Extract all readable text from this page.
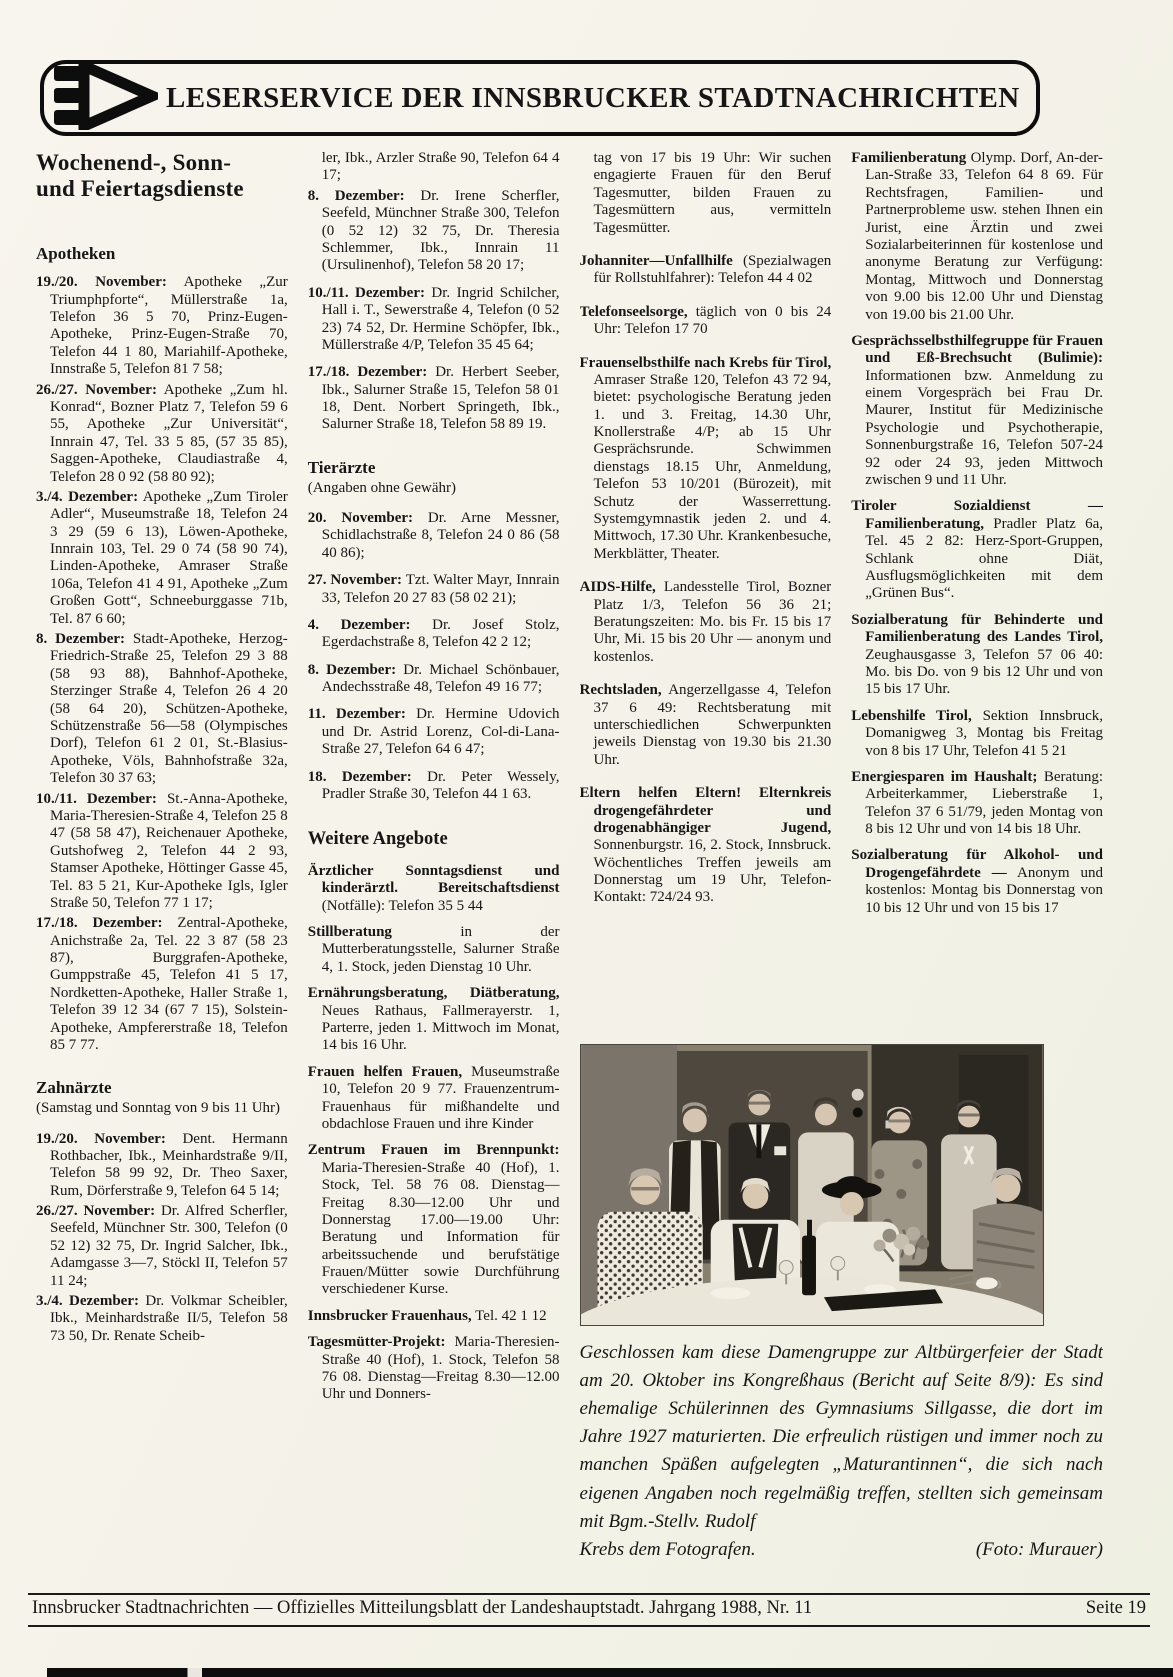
LESERSERVICE DER INNSBRUCKER STADTNACHRICHTEN
Wochenend-, Sonn-
und Feiertagsdienste
Apotheken

19./20. November: Apotheke „Zur Triumphpforte“, Müllerstraße 1a, Telefon 36 5 70, Prinz-Eugen-Apotheke, Prinz-Eugen-Straße 70, Telefon 44 1 80, Mariahilf-Apotheke, Innstraße 5, Telefon 81 7 58;

26./27. November: Apotheke „Zum hl. Konrad“, Bozner Platz 7, Telefon 59 6 55, Apotheke „Zur Universität“, Innrain 47, Tel. 33 5 85, (57 35 85), Saggen-Apotheke, Claudiastraße 4, Telefon 28 0 92 (58 80 92);

3./4. Dezember: Apotheke „Zum Tiroler Adler“, Museumstraße 18, Telefon 24 3 29 (59 6 13), Löwen-Apotheke, Innrain 103, Tel. 29 0 74 (58 90 74), Linden-Apotheke, Amraser Straße 106a, Telefon 41 4 91, Apotheke „Zum Großen Gott“, Schneeburggasse 71b, Tel. 87 6 60;

8. Dezember: Stadt-Apotheke, Herzog-Friedrich-Straße 25, Telefon 29 3 88 (58 93 88), Bahnhof-Apotheke, Sterzinger Straße 4, Telefon 26 4 20 (58 64 20), Schützen-Apotheke, Schützenstraße 56—58 (Olympisches Dorf), Telefon 61 2 01, St.-Blasius-Apotheke, Völs, Bahnhofstraße 32a, Telefon 30 37 63;

10./11. Dezember: St.-Anna-Apotheke, Maria-Theresien-Straße 4, Telefon 25 8 47 (58 58 47), Reichenauer Apotheke, Gutshofweg 2, Telefon 44 2 93, Stamser Apotheke, Höttinger Gasse 45, Tel. 83 5 21, Kur-Apotheke Igls, Igler Straße 50, Telefon 77 1 17;

17./18. Dezember: Zentral-Apotheke, Anichstraße 2a, Tel. 22 3 87 (58 23 87), Burggrafen-Apotheke, Gumppstraße 45, Telefon 41 5 17, Nordketten-Apotheke, Haller Straße 1, Telefon 39 12 34 (67 7 15), Solstein-Apotheke, Ampfererstraße 18, Telefon 85 7 77.

Zahnärzte

(Samstag und Sonntag von 9 bis 11 Uhr)

19./20. November: Dent. Hermann Rothbacher, Ibk., Meinhardstraße 9/II, Telefon 58 99 92, Dr. Theo Saxer, Rum, Dörferstraße 9, Telefon 64 5 14;

26./27. November: Dr. Alfred Scherfler, Seefeld, Münchner Str. 300, Telefon (0 52 12) 32 75, Dr. Ingrid Salcher, Ibk., Adamgasse 3—7, Stöckl II, Telefon 57 11 24;

3./4. Dezember: Dr. Volkmar Scheibler, Ibk., Meinhardstraße II/5, Telefon 58 73 50, Dr. Renate Scheib-

ler, Ibk., Arzler Straße 90, Telefon 64 4 17;

8. Dezember: Dr. Irene Scherfler, Seefeld, Münchner Straße 300, Telefon (0 52 12) 32 75, Dr. Theresia Schlemmer, Ibk., Innrain 11 (Ursulinenhof), Telefon 58 20 17;

10./11. Dezember: Dr. Ingrid Schilcher, Hall i. T., Sewerstraße 4, Telefon (0 52 23) 74 52, Dr. Hermine Schöpfer, Ibk., Müllerstraße 4/P, Telefon 35 45 64;

17./18. Dezember: Dr. Herbert Seeber, Ibk., Salurner Straße 15, Telefon 58 01 18, Dent. Norbert Springeth, Ibk., Salurner Straße 18, Telefon 58 89 19.

Tierärzte

(Angaben ohne Gewähr)

20. November: Dr. Arne Messner, Schidlachstraße 8, Telefon 24 0 86 (58 40 86);

27. November: Tzt. Walter Mayr, Innrain 33, Telefon 20 27 83 (58 02 21);

4. Dezember: Dr. Josef Stolz, Egerdachstraße 8, Telefon 42 2 12;

8. Dezember: Dr. Michael Schönbauer, Andechsstraße 48, Telefon 49 16 77;

11. Dezember: Dr. Hermine Udovich und Dr. Astrid Lorenz, Col-di-Lana-Straße 27, Telefon 64 6 47;

18. Dezember: Dr. Peter Wessely, Pradler Straße 30, Telefon 44 1 63.

Weitere Angebote

Ärztlicher Sonntagsdienst und kinderärztl. Bereitschaftsdienst (Notfälle): Telefon 35 5 44

Stillberatung	in der Mutterberatungsstelle, Salurner Straße 4, 1. Stock, jeden Dienstag 10 Uhr.

Ernährungsberatung, Diätberatung, Neues Rathaus, Fallmerayerstr. 1, Parterre, jeden 1. Mittwoch im Monat, 14 bis 16 Uhr.

Frauen helfen Frauen, Museumstraße 10, Telefon 20 9 77. Frauenzentrum-Frauenhaus für mißhandelte und obdachlose Frauen und ihre Kinder

Zentrum Frauen im Brennpunkt: Maria-Theresien-Straße 40 (Hof), 1. Stock, Tel. 58 76 08. Dienstag—Freitag 8.30—12.00 Uhr und Donnerstag 17.00—19.00 Uhr: Beratung und Information für arbeitssuchende und berufstätige Frauen/Mütter sowie Durchführung verschiedener Kurse.

Innsbrucker Frauenhaus, Tel. 42 1 12

Tagesmütter-Projekt: Maria-Theresien-Straße 40 (Hof), 1. Stock, Telefon 58 76 08. Dienstag—Freitag 8.30—12.00 Uhr und Donners-

tag von 17 bis 19 Uhr: Wir suchen engagierte Frauen für den Beruf Tagesmutter, bilden Frauen zu Tagesmüttern aus, vermitteln Tagesmütter.

Johanniter—Unfallhilfe (Spezialwagen für Rollstuhlfahrer): Telefon 44 4 02

Telefonseelsorge, täglich von 0 bis 24 Uhr: Telefon 17 70

Frauenselbsthilfe nach Krebs für Tirol, Amraser Straße 120, Telefon 43 72 94, bietet: psychologische Beratung jeden 1. und 3. Freitag, 14.30 Uhr, Knollerstraße 4/P; ab 15 Uhr Gesprächsrunde. Schwimmen dienstags 18.15 Uhr, Anmeldung, Telefon 53 10/201 (Bürozeit), mit Schutz der Wasserrettung. Systemgymnastik jeden 2. und 4. Mittwoch, 17.30 Uhr. Krankenbesuche, Merkblätter, Theater.

AIDS-Hilfe, Landesstelle Tirol, Bozner Platz 1/3, Telefon 56 36 21; Beratungszeiten: Mo. bis Fr. 15 bis 17 Uhr, Mi. 15 bis 20 Uhr — anonym und kostenlos.

Rechtsladen, Angerzellgasse 4, Telefon 37 6 49: Rechtsberatung mit unterschiedlichen Schwerpunkten jeweils Dienstag von 19.30 bis 21.30 Uhr.

Eltern helfen Eltern! Elternkreis drogengefährdeter und drogenabhängiger Jugend, Sonnenburgstr. 16, 2. Stock, Innsbruck. Wöchentliches Treffen jeweils am Donnerstag um 19 Uhr, Telefon-Kontakt: 724/24 93.

Familienberatung Olymp. Dorf, An-der-Lan-Straße 33, Telefon 64 8 69. Für Rechtsfragen, Familien- und Partnerprobleme usw. stehen Ihnen ein Jurist, eine Ärztin und zwei Sozialarbeiterinnen für kostenlose und anonyme Beratung zur Verfügung: Montag, Mittwoch und Donnerstag von 9.00 bis 12.00 Uhr und Dienstag von 19.00 bis 21.00 Uhr.

Gesprächsselbsthilfegruppe für Frauen und Eß-Brechsucht (Bulimie): Informationen bzw. Anmeldung zu einem Vorgespräch bei Frau Dr. Maurer, Institut für Medizinische Psychologie und Psychotherapie, Sonnenburgstraße 16, Telefon 507-24 92 oder 24 93, jeden Mittwoch zwischen 9 und 11 Uhr.

Tiroler Sozialdienst — Familienberatung, Pradler Platz 6a, Tel. 45 2 82: Herz-Sport-Gruppen, Schlank ohne Diät, Ausflugsmöglichkeiten mit dem „Grünen Bus“.

Sozialberatung für Behinderte und Familienberatung des Landes Tirol, Zeughausgasse 3, Telefon 57 06 40: Mo. bis Do. von 9 bis 12 Uhr und von 15 bis 17 Uhr.

Lebenshilfe Tirol, Sektion Innsbruck, Domanigweg 3, Montag bis Freitag von 8 bis 17 Uhr, Telefon 41 5 21

Energiesparen im Haushalt; Beratung: Arbeiterkammer, Lieberstraße 1, Telefon 37 6 51/79, jeden Montag von 8 bis 12 Uhr und von 14 bis 18 Uhr.

Sozialberatung für Alkohol- und Drogengefährdete — Anonym und kostenlos: Montag bis Donnerstag von 10 bis 12 Uhr und von 15 bis 17

Geschlossen kam diese Damengruppe zur Altbürgerfeier der Stadt am 20. Oktober ins Kongreßhaus (Bericht auf Seite 8/9): Es sind ehemalige Schülerinnen des Gymnasiums Sillgasse, die dort im Jahre 1927 maturierten. Die erfreulich rüstigen und immer noch zu manchen Späßen aufgelegten „Maturantinnen“, die sich nach eigenen Angaben noch regelmäßig treffen, stellten sich gemeinsam mit Bgm.-Stellv. Rudolf

Krebs dem Fotografen.	(Foto: Murauer)
Innsbrucker Stadtnachrichten — Offizielles Mitteilungsblatt der Landeshauptstadt. Jahrgang 1988, Nr. 11	Seite 19
